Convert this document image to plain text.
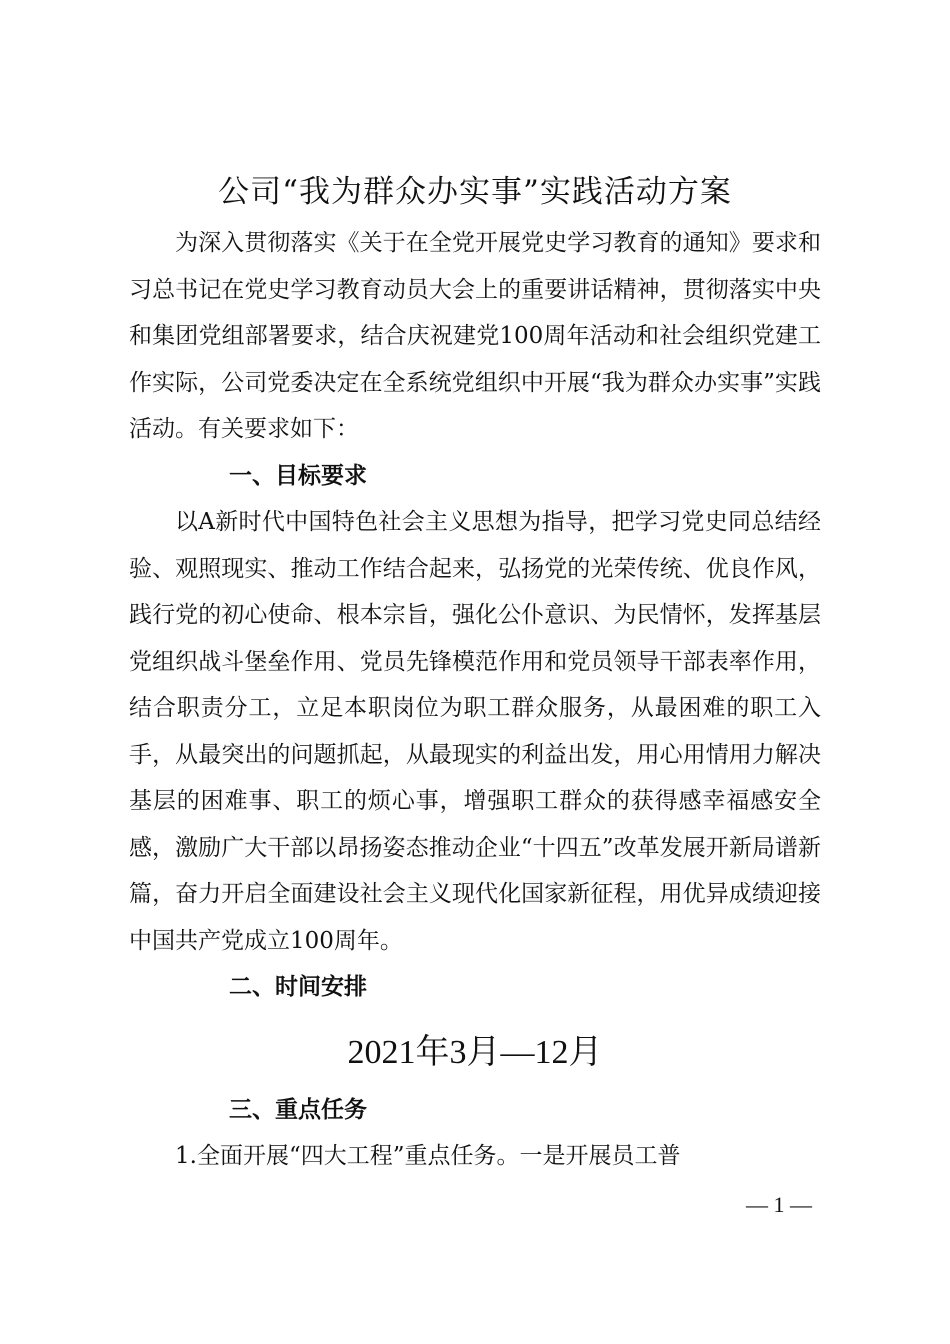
公司“我为群众办实事”实践活动方案

为深入贯彻落实《关于在全党开展党史学习教育的通知》要求和习总书记在党史学习教育动员大会上的重要讲话精神，贯彻落实中央和集团党组部署要求，结合庆祝建党100周年活动和社会组织党建工作实际，公司党委决定在全系统党组织中开展“我为群众办实事”实践活动。有关要求如下：

一、目标要求

以A新时代中国特色社会主义思想为指导，把学习党史同总结经验、观照现实、推动工作结合起来，弘扬党的光荣传统、优良作风，践行党的初心使命、根本宗旨，强化公仆意识、为民情怀，发挥基层党组织战斗堡垒作用、党员先锋模范作用和党员领导干部表率作用，结合职责分工，立足本职岗位为职工群众服务，从最困难的职工入手，从最突出的问题抓起，从最现实的利益出发，用心用情用力解决基层的困难事、职工的烦心事，增强职工群众的获得感幸福感安全感，激励广大干部以昂扬姿态推动企业“十四五”改革发展开新局谱新篇，奋力开启全面建设社会主义现代化国家新征程，用优异成绩迎接中国共产党成立100周年。

二、时间安排
2021年3月—12月
三、重点任务

1.全面开展“四大工程”重点任务。一是开展员工普

— 1 —
